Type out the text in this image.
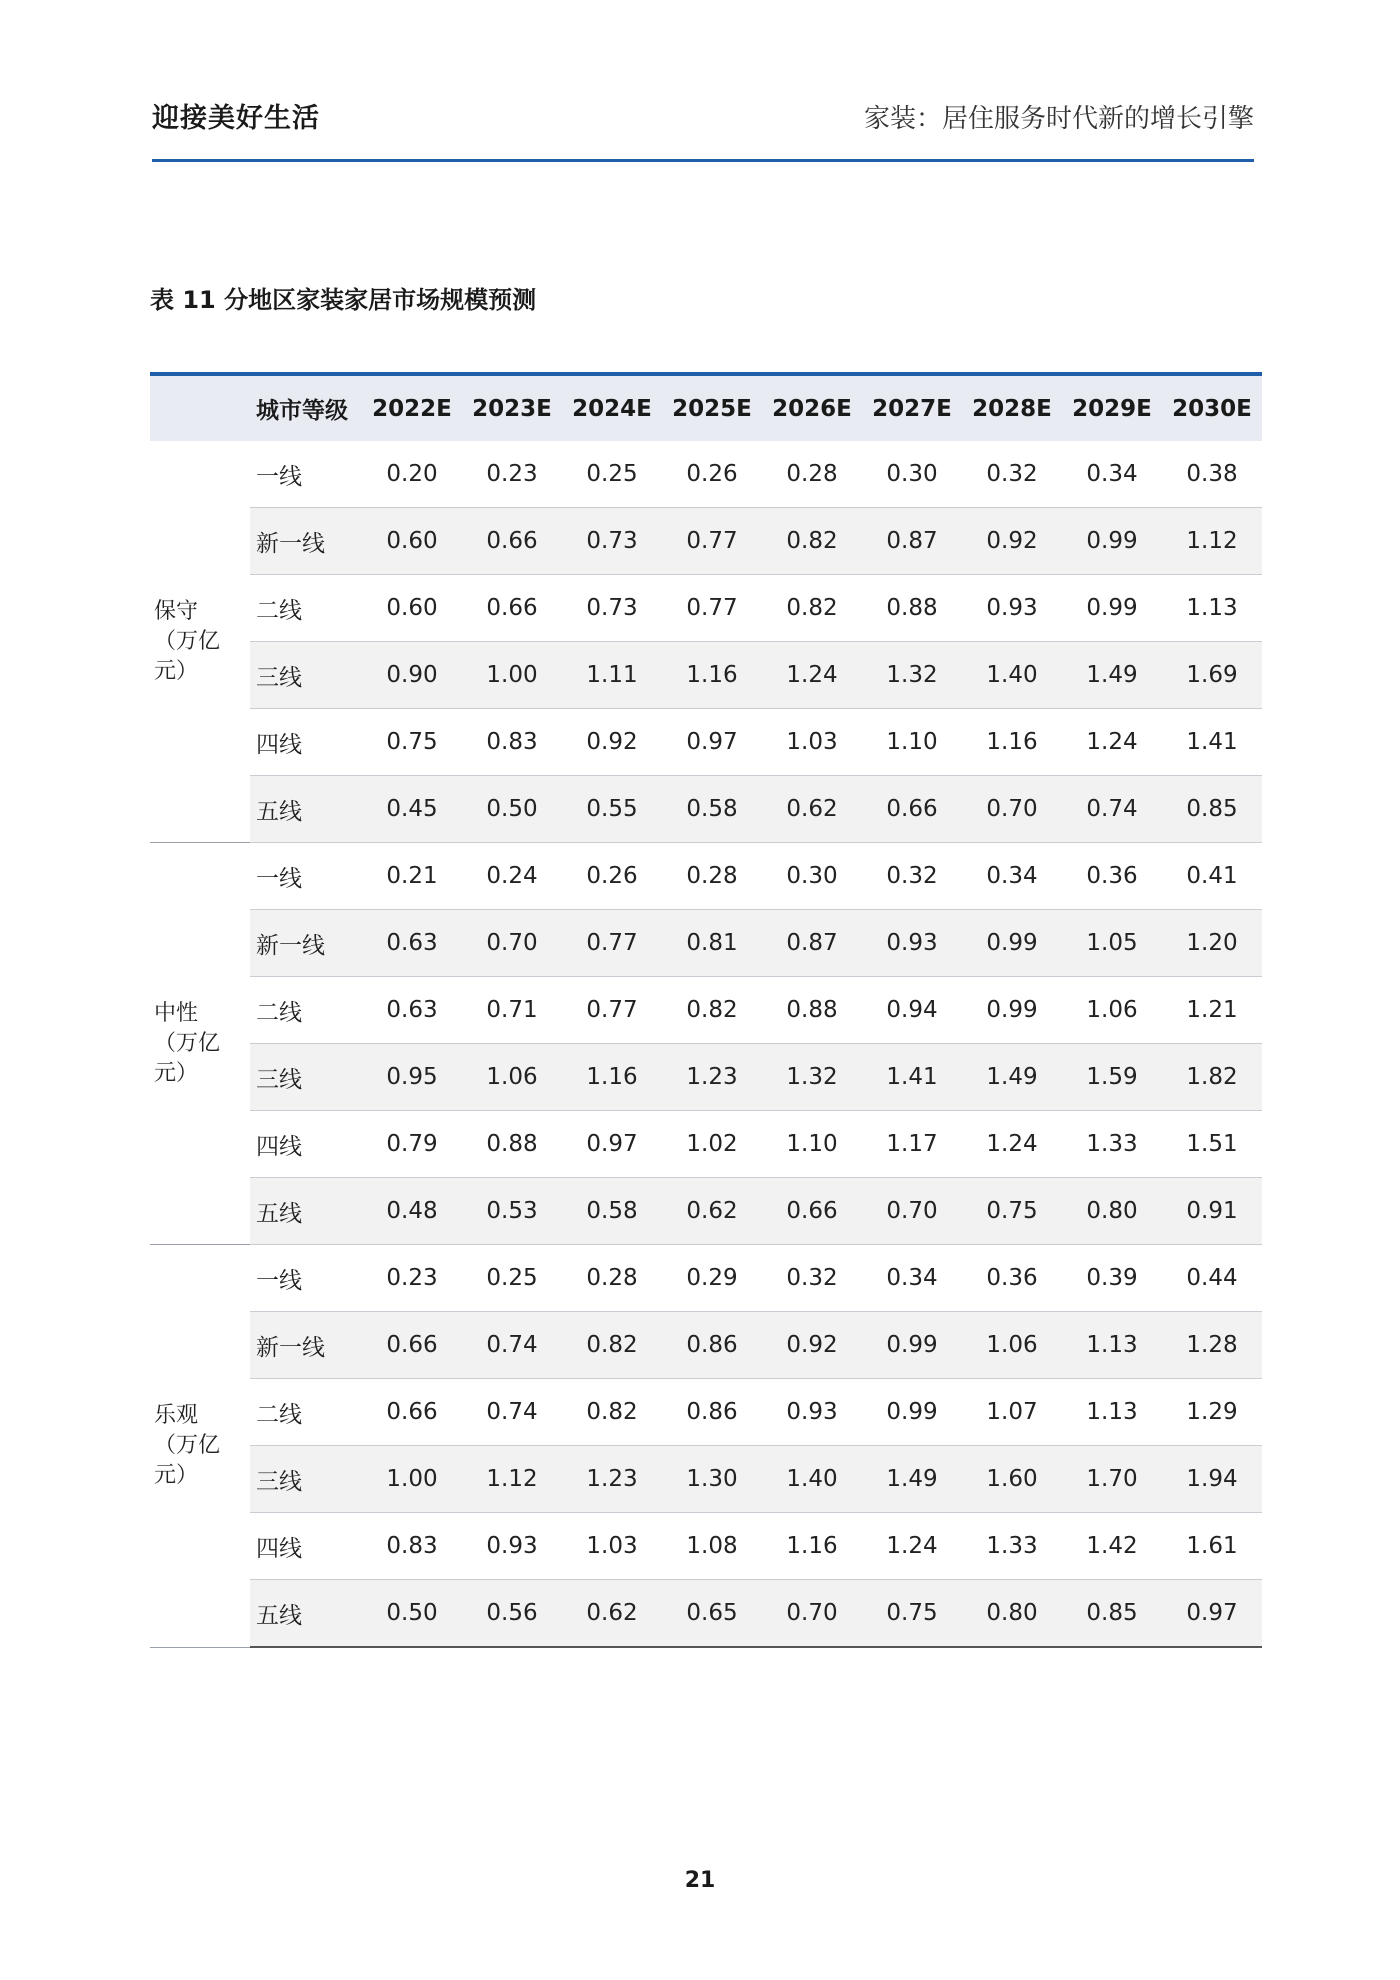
迎接美好生活	家装：居住服务时代新的增长引擎
表 11 分地区家装家居市场规模预测
	城市等级	2022E	2023E	2024E	2025E	2026E	2027E	2028E	2029E	2030E

保守
（万亿元）	一线	0.20	0.23	0.25	0.26	0.28	0.30	0.32	0.34	0.38
	新一线	0.60	0.66	0.73	0.77	0.82	0.87	0.92	0.99	1.12
	二线	0.60	0.66	0.73	0.77	0.82	0.88	0.93	0.99	1.13
	三线	0.90	1.00	1.11	1.16	1.24	1.32	1.40	1.49	1.69
	四线	0.75	0.83	0.92	0.97	1.03	1.10	1.16	1.24	1.41
	五线	0.45	0.50	0.55	0.58	0.62	0.66	0.70	0.74	0.85

中性
（万亿元）	一线	0.21	0.24	0.26	0.28	0.30	0.32	0.34	0.36	0.41
	新一线	0.63	0.70	0.77	0.81	0.87	0.93	0.99	1.05	1.20
	二线	0.63	0.71	0.77	0.82	0.88	0.94	0.99	1.06	1.21
	三线	0.95	1.06	1.16	1.23	1.32	1.41	1.49	1.59	1.82
	四线	0.79	0.88	0.97	1.02	1.10	1.17	1.24	1.33	1.51
	五线	0.48	0.53	0.58	0.62	0.66	0.70	0.75	0.80	0.91

乐观
（万亿元）	一线	0.23	0.25	0.28	0.29	0.32	0.34	0.36	0.39	0.44
	新一线	0.66	0.74	0.82	0.86	0.92	0.99	1.06	1.13	1.28
	二线	0.66	0.74	0.82	0.86	0.93	0.99	1.07	1.13	1.29
	三线	1.00	1.12	1.23	1.30	1.40	1.49	1.60	1.70	1.94
	四线	0.83	0.93	1.03	1.08	1.16	1.24	1.33	1.42	1.61
	五线	0.50	0.56	0.62	0.65	0.70	0.75	0.80	0.85	0.97
21
